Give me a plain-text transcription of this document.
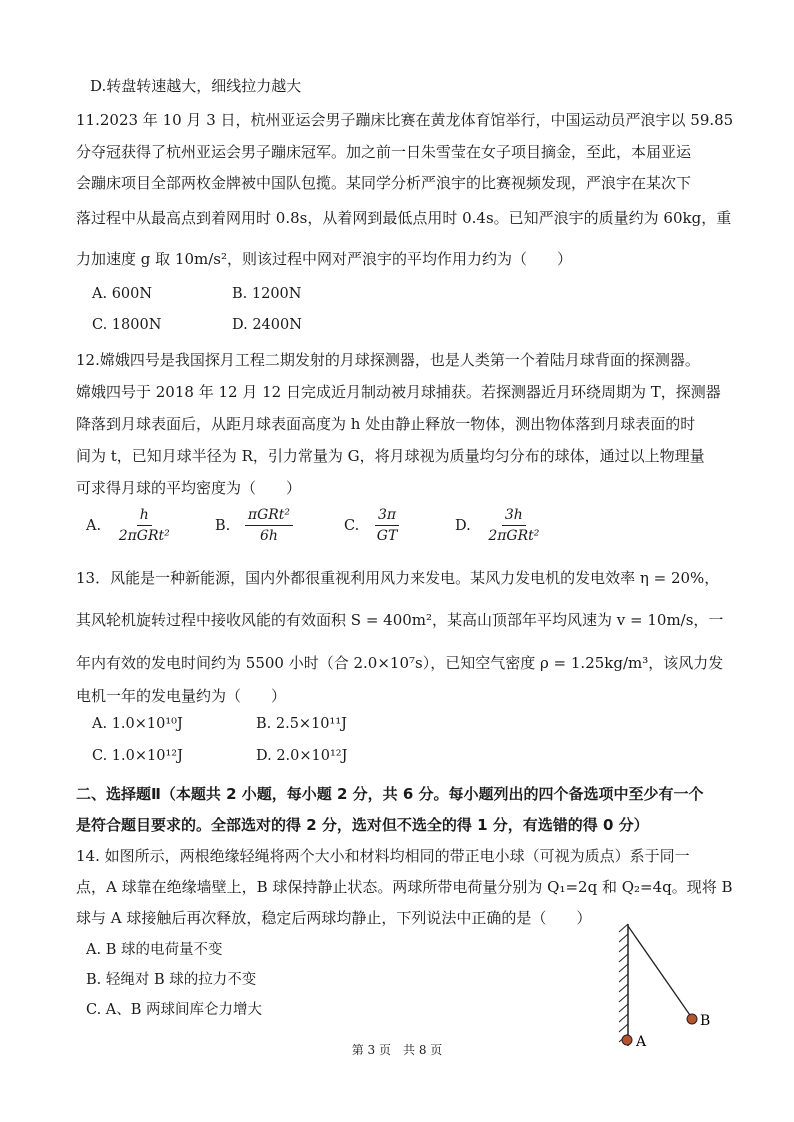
D.转盘转速越大，细线拉力越大
11.2023 年 10 月 3 日，杭州亚运会男子蹦床比赛在黄龙体育馆举行，中国运动员严浪宇以 59.85
分夺冠获得了杭州亚运会男子蹦床冠军。加之前一日朱雪莹在女子项目摘金，至此，本届亚运
会蹦床项目全部两枚金牌被中国队包揽。某同学分析严浪宇的比赛视频发现，严浪宇在某次下
落过程中从最高点到着网用时 0.8s，从着网到最低点用时 0.4s。已知严浪宇的质量约为 60kg，重
力加速度 g 取 10m/s²，则该过程中网对严浪宇的平均作用力约为（　　）
A. 600N	B. 1200N
C. 1800N	D. 2400N
12.嫦娥四号是我国探月工程二期发射的月球探测器，也是人类第一个着陆月球背面的探测器。
嫦娥四号于 2018 年 12 月 12 日完成近月制动被月球捕获。若探测器近月环绕周期为 T，探测器
降落到月球表面后，从距月球表面高度为 h 处由静止释放一物体，测出物体落到月球表面的时
间为 t，已知月球半径为 R，引力常量为 G，将月球视为质量均匀分布的球体，通过以上物理量
可求得月球的平均密度为（　　）
A. $\frac{h}{\text{2πGRt²}}$	B. $\frac{\text{πGRt²}}{6h}$	C. $\frac{3\pi}{GT}$	D. $\frac{3h}{\text{2πGRt²}}$
13．风能是一种新能源，国内外都很重视利用风力来发电。某风力发电机的发电效率 η = 20%，
其风轮机旋转过程中接收风能的有效面积 S = 400m²，某高山顶部年平均风速为 v = 10m/s，一
年内有效的发电时间约为 5500 小时（合 2.0×10⁷s），已知空气密度 ρ = 1.25kg/m³，该风力发
电机一年的发电量约为（　　）
A. 1.0×10¹⁰J	B. 2.5×10¹¹J
C. 1.0×10¹²J	D. 2.0×10¹²J
二、选择题Ⅱ（本题共 2 小题，每小题 2 分，共 6 分。每小题列出的四个备选项中至少有一个
是符合题目要求的。全部选对的得 2 分，选对但不选全的得 1 分，有选错的得 0 分）
14. 如图所示，两根绝缘轻绳将两个大小和材料均相同的带正电小球（可视为质点）系于同一
点，A 球靠在绝缘墙壁上，B 球保持静止状态。两球所带电荷量分别为 Q₁=2q 和 Q₂=4q。现将 B
球与 A 球接触后再次释放，稳定后两球均静止，下列说法中正确的是（　　）
A. B 球的电荷量不变
B. 轻绳对 B 球的拉力不变
C. A、B 两球间库仑力增大
B
A
第 3 页　共 8 页
